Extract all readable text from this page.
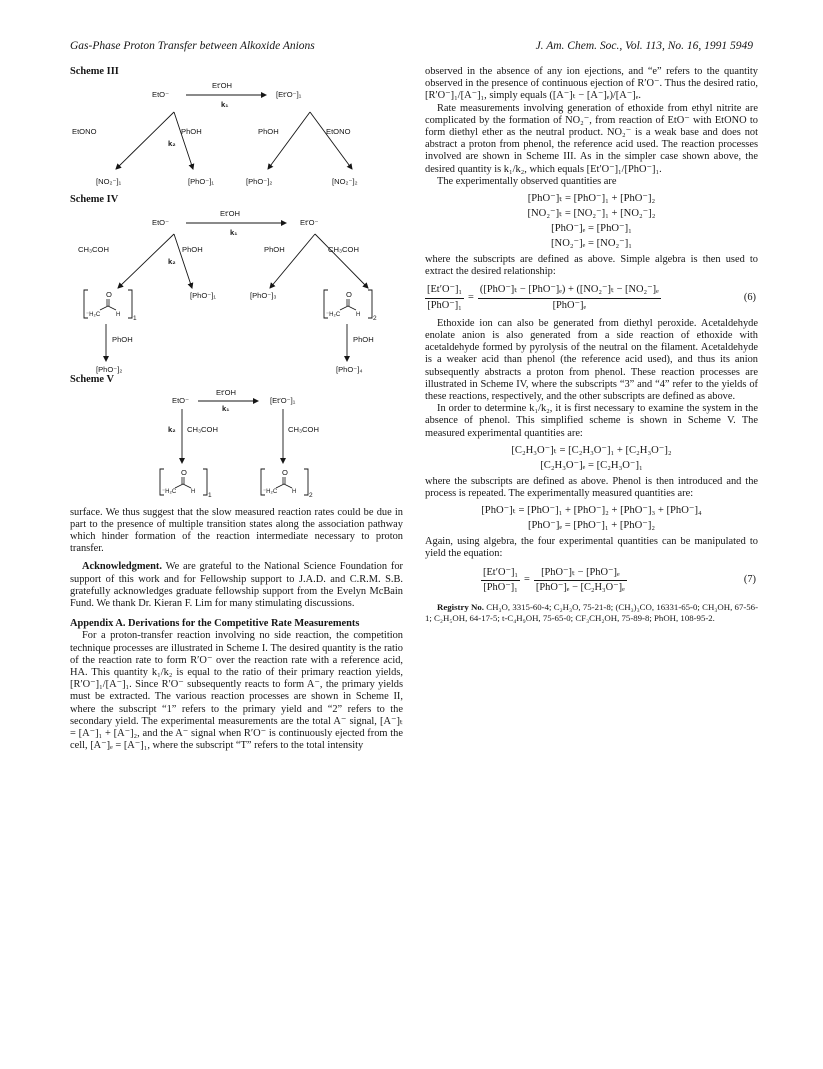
Gas-Phase Proton Transfer between Alkoxide Anions	J. Am. Chem. Soc., Vol. 113, No. 16, 1991 5949
Scheme III
EtO⁻
Et′OH
k₁
[Et′O⁻]₁
EtONO	PhOH
k₂
PhOH	EtONO
[NO₂⁻]₁	[PhO⁻]₁	[PhO⁻]₂	[NO₂⁻]₂
Scheme IV
EtO⁻
Et′OH
k₁
Et′O⁻
CH₃COH	PhOH
k₂
PhOH	CH₃COH
O
⁻H₂C	H 1
[PhO⁻]₁	[PhO⁻]₃	O
⁻H₂C	H 2
PhOH	PhOH
[PhO⁻]₂	[PhO⁻]₄
Scheme V
EtO⁻
Et′OH
k₁
[Et′O⁻]₁
k₂ CH₃COH	CH₃COH
O
⁻H₂C H 1
O
⁻H₂C H 2

surface. We thus suggest that the slow measured reaction rates could be due in part to the presence of multiple transition states along the association pathway which hinder formation of the reaction intermediate necessary to proton transfer.

Acknowledgment. We are grateful to the National Science Foundation for support of this work and for Fellowship support to J.A.D. and C.R.M. S.B. gratefully acknowledges graduate fellowship support from the Evelyn McBain Fund. We thank Dr. Kieran F. Lim for many stimulating discussions.

Appendix A. Derivations for the Competitive Rate Measurements

For a proton-transfer reaction involving no side reaction, the competition technique processes are illustrated in Scheme I. The desired quantity is the ratio of the reaction rate to form R′O⁻ over the reaction rate with a reference acid, HA. This quantity k₁/k₂ is equal to the ratio of their primary reaction yields, [R′O⁻]₁/[A⁻]₁. Since R′O⁻ subsequently reacts to form A⁻, the primary yields must be extracted. The various reaction processes are shown in Scheme II, where the subscript “1” refers to the primary yield and “2” refers to the secondary yield. The experimental measurements are the total A⁻ signal, [A⁻]ₜ = [A⁻]₁ + [A⁻]₂, and the A⁻ signal when R′O⁻ is continuously ejected from the cell, [A⁻]ₑ = [A⁻]₁, where the subscript “T” refers to the total intensity

observed in the absence of any ion ejections, and “e” refers to the quantity observed in the presence of continuous ejection of R′O⁻. Thus the desired ratio, [R′O⁻]₁/[A⁻]₁, simply equals ([A⁻]ₜ − [A⁻]ₑ)/[A⁻]ₑ.

Rate measurements involving generation of ethoxide from ethyl nitrite are complicated by the formation of NO₂⁻, from reaction of EtO⁻ with EtONO to form diethyl ether as the neutral product. NO₂⁻ is a weak base and does not abstract a proton from phenol, the reference acid used. The reaction processes involved are shown in Scheme III. As in the simpler case shown above, the desired quantity is k₁/k₂, which equals [Et′O⁻]₁/[PhO⁻]₁.

The experimentally observed quantities are

[PhO⁻]ₜ = [PhO⁻]₁ + [PhO⁻]₂
[NO₂⁻]ₜ = [NO₂⁻]₁ + [NO₂⁻]₂
[PhO⁻]ₑ = [PhO⁻]₁
[NO₂⁻]ₑ = [NO₂⁻]₁

where the subscripts are defined as above. Simple algebra is then used to extract the desired relationship:

$\frac{\text{[Et′O⁻]₁}}{\text{[PhO⁻]₁}} = \frac{\text{([PhO⁻]ₜ − [PhO⁻]ₑ) + ([NO₂⁻]ₜ − [NO₂⁻]ₑ}}{\text{[PhO⁻]ₑ}}$	(6)

Ethoxide ion can also be generated from diethyl peroxide. Acetaldehyde enolate anion is also generated from a side reaction of ethoxide with acetaldehyde formed by pyrolysis of the neutral on the filament. Acetaldehyde is a weaker acid than phenol (the reference acid used), and thus its anion subsequently abstracts a proton from phenol. These reaction processes are illustrated in Scheme IV, where the subscripts “3” and “4” refer to the yields of these reactions, respectively, and the other subscripts are defined as above.

In order to determine k₁/k₂, it is first necessary to examine the system in the absence of phenol. This simplified scheme is shown in Scheme V. The measured experimental quantities are:

[C₂H₃O⁻]ₜ = [C₂H₃O⁻]₁ + [C₂H₃O⁻]₂
[C₂H₃O⁻]ₑ = [C₂H₃O⁻]₁

where the subscripts are defined as above. Phenol is then introduced and the process is repeated. The experimentally measured quantities are:

[PhO⁻]ₜ = [PhO⁻]₁ + [PhO⁻]₂ + [PhO⁻]₃ + [PhO⁻]₄
[PhO⁻]ₑ = [PhO⁻]₁ + [PhO⁻]₂

Again, using algebra, the four experimental quantities can be manipulated to yield the equation:

$\frac{\text{[Et′O⁻]₁}}{\text{[PhO⁻]₁}} = \frac{\text{[PhO⁻]ₜ − [PhO⁻]ₑ}}{\text{[PhO⁻]ₑ − [C₂H₃O⁻]ₑ}}$	(7)

Registry No. CH₃O, 3315-60-4; C₂H₃O, 75-21-8; (CH₃)₃CO, 16331-65-0; CH₃OH, 67-56-1; C₂H₅OH, 64-17-5; t-C₄H₉OH, 75-65-0; CF₃CH₂OH, 75-89-8; PhOH, 108-95-2.
